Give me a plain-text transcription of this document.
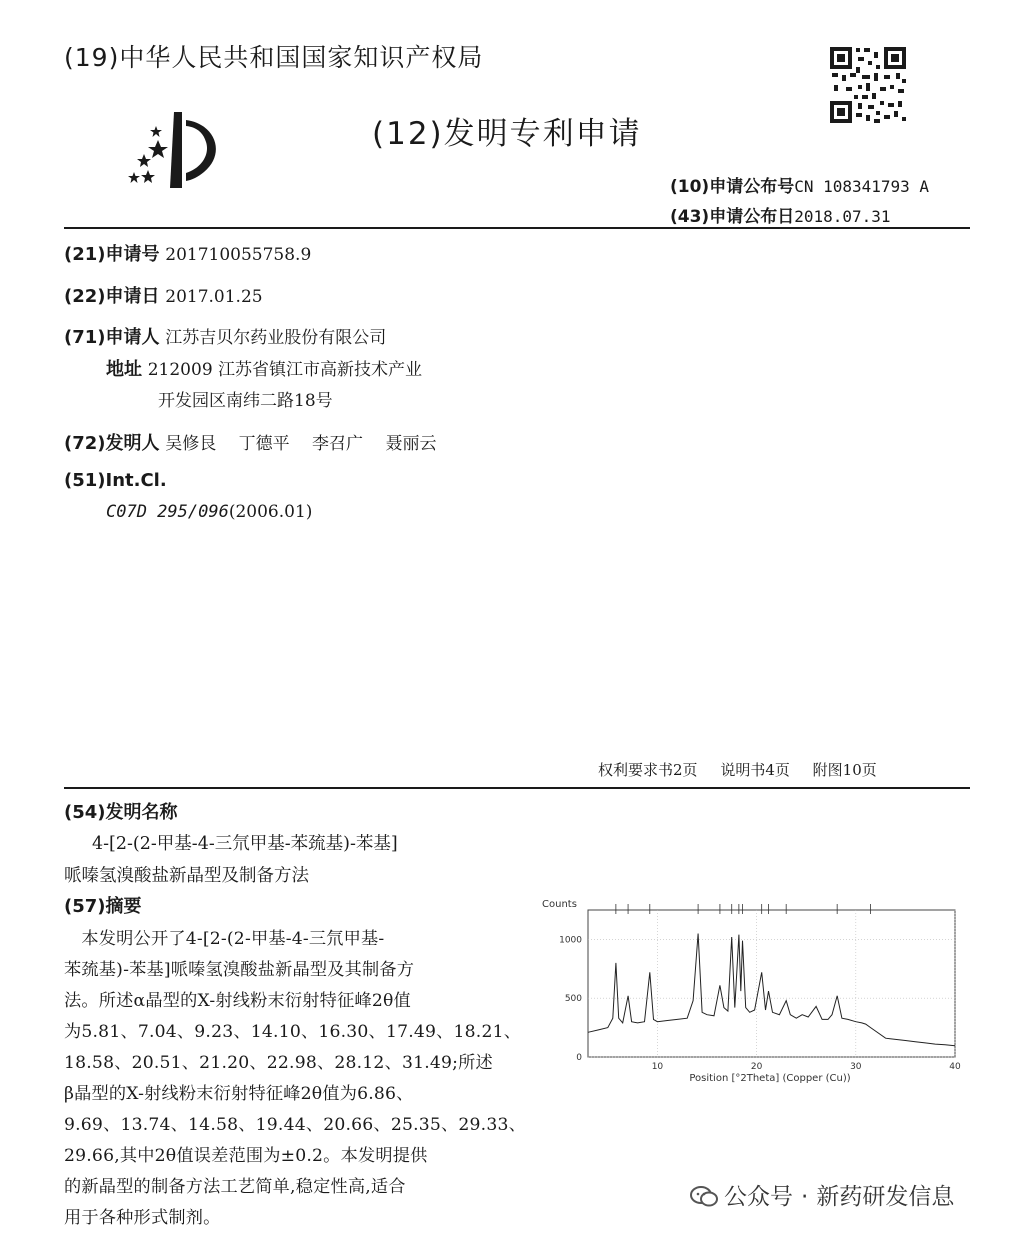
(19)中华人民共和国国家知识产权局
(12)发明专利申请
(10)申请公布号CN 108341793 A
(43)申请公布日2018.07.31
(21)申请号 201710055758.9
(22)申请日 2017.01.25
(71)申请人 江苏吉贝尔药业股份有限公司
地址 212009 江苏省镇江市高新技术产业
开发园区南纬二路18号
(72)发明人 吴修艮　 丁德平　 李召广　 聂丽云
(51)Int.Cl.
C07D 295/096(2006.01)
权利要求书2页 说明书4页 附图10页
(54)发明名称
4-[2-(2-甲基-4-三氘甲基-苯巯基)-苯基]
哌嗪氢溴酸盐新晶型及制备方法
(57)摘要
　本发明公开了4-[2-(2-甲基-4-三氘甲基-
苯巯基)-苯基]哌嗪氢溴酸盐新晶型及其制备方
法。所述α晶型的X-射线粉末衍射特征峰2θ值
为5.81、7.04、9.23、14.10、16.30、17.49、18.21、
18.58、20.51、21.20、22.98、28.12、31.49;所述
β晶型的X-射线粉末衍射特征峰2θ值为6.86、
9.69、13.74、14.58、19.44、20.66、25.35、29.33、
29.66,其中2θ值误差范围为±0.2。本发明提供
的新晶型的制备方法工艺简单,稳定性高,适合
用于各种形式制剂。
0
500
1000
10	20	30	40
Counts
Position [°2Theta] (Copper (Cu))
公众号 · 新药研发信息
